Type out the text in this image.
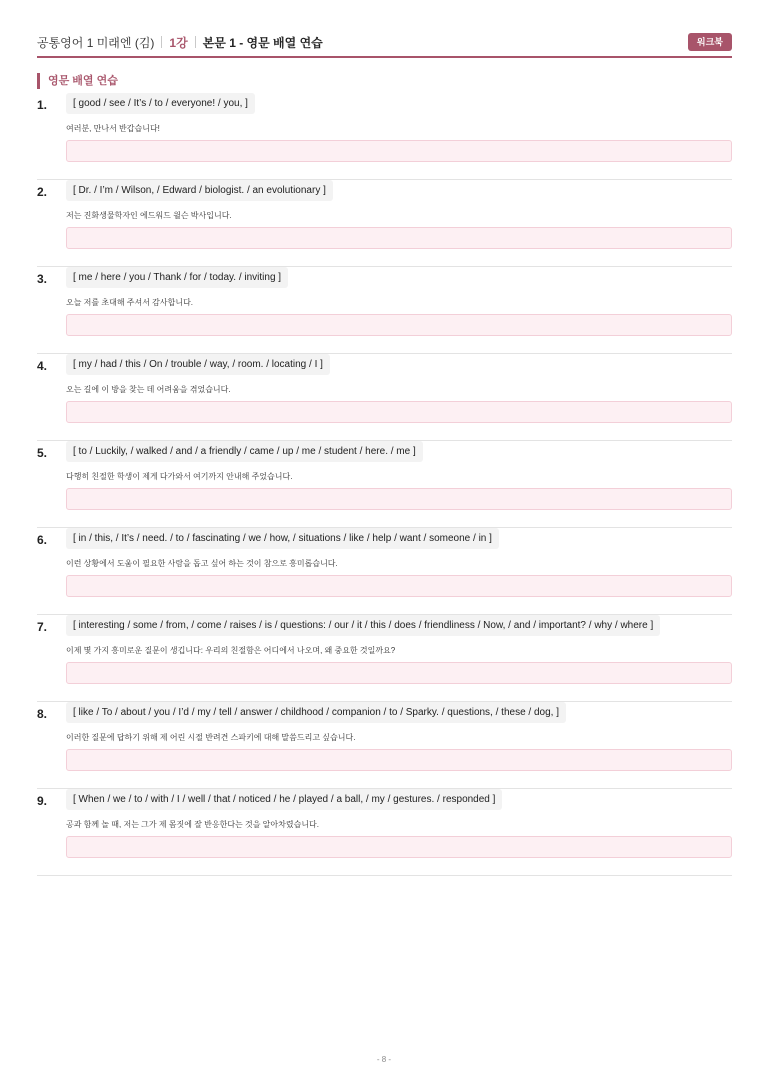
공통영어 1 미래엔 (김) 1강 본문 1 - 영문 배열 연습	워크북
영문 배열 연습
1.	[ good / see / It’s / to / everyone! / you, ]
여러분, 만나서 반갑습니다!
2.	[ Dr. / I’m / Wilson, / Edward / biologist. / an evolutionary ]
저는 진화생물학자인 에드워드 윌슨 박사입니다.
3.	[ me / here / you / Thank / for / today. / inviting ]
오늘 저를 초대해 주셔서 감사합니다.
4.	[ my / had / this / On / trouble / way, / room. / locating / I ]
오는 길에 이 방을 찾는 데 어려움을 겪었습니다.
5.	[ to / Luckily, / walked / and / a friendly / came / up / me / student / here. / me ]
다행히 친절한 학생이 제게 다가와서 여기까지 안내해 주었습니다.
6.	[ in / this, / It’s / need. / to / fascinating / we / how, / situations / like / help / want / someone / in ]
이런 상황에서 도움이 필요한 사람을 돕고 싶어 하는 것이 참으로 흥미롭습니다.
7.	[ interesting / some / from, / come / raises / is / questions: / our / it / this / does / friendliness / Now, / and / important? / why / where ]
이제 몇 가지 흥미로운 질문이 생깁니다: 우리의 친절함은 어디에서 나오며, 왜 중요한 것일까요?
8.	[ like / To / about / you / I’d / my / tell / answer / childhood / companion / to / Sparky. / questions, / these / dog, ]
이러한 질문에 답하기 위해 제 어린 시절 반려견 스파키에 대해 말씀드리고 싶습니다.
9.	[ When / we / to / with / I / well / that / noticed / he / played / a ball, / my / gestures. / responded ]
공과 함께 놀 때, 저는 그가 제 몸짓에 잘 반응한다는 것을 알아차렸습니다.
- 8 -
